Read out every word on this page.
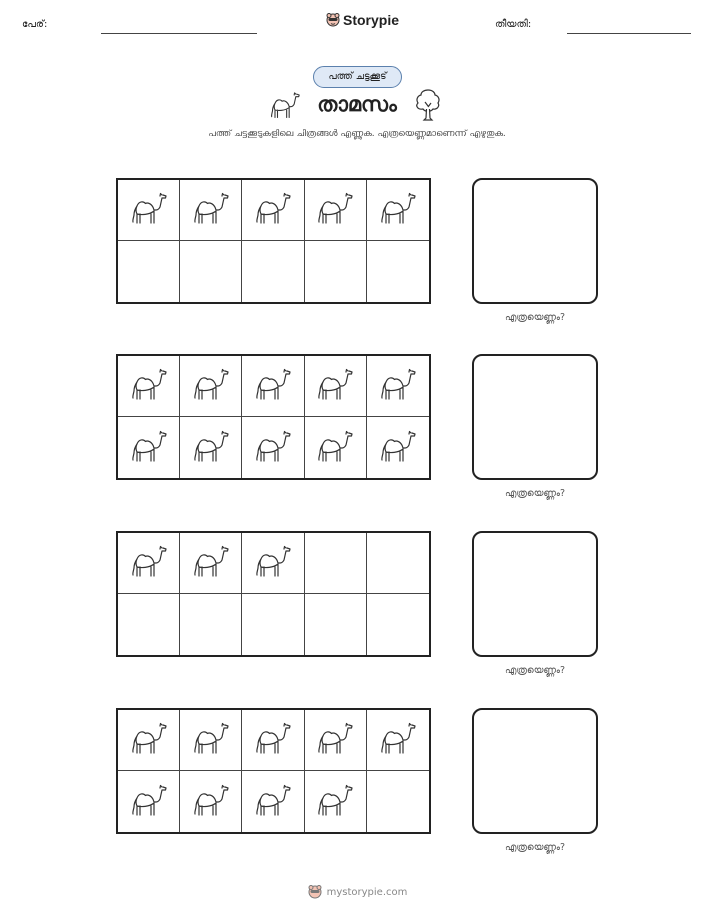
പേര്:	Storypie	തീയതി:
പത്ത് ചട്ടക്കൂട്
താമസം
പത്ത് ചട്ടക്കൂടുകളിലെ ചിത്രങ്ങൾ എണ്ണുക. എത്രയെണ്ണമാണെന്ന് എഴുതുക.
എത്രയെണ്ണം?
എത്രയെണ്ണം?
എത്രയെണ്ണം?
എത്രയെണ്ണം?
mystorypie.com
